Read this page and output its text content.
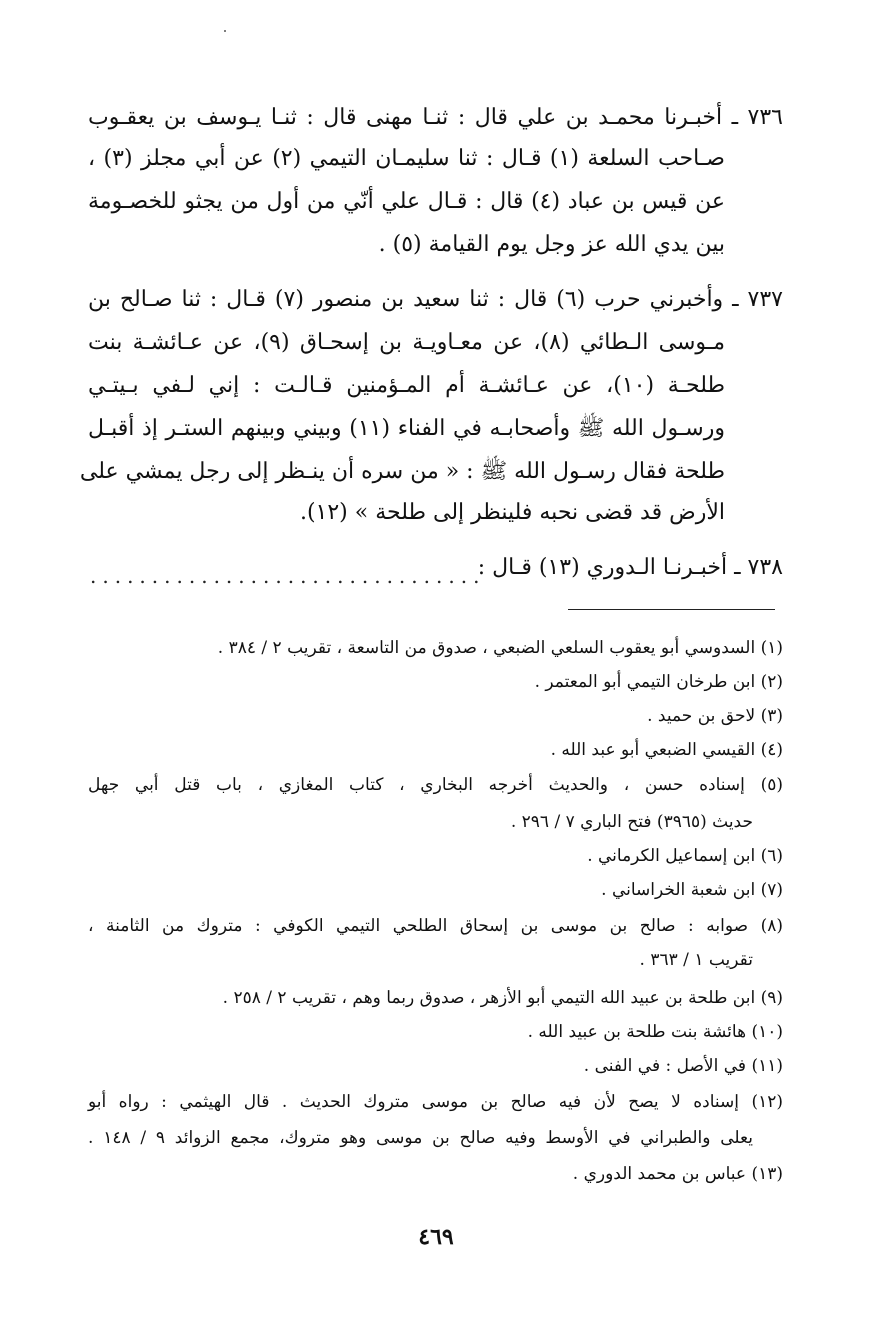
٧٣٦ ـ أخبـرنا محمـد بن علي قال : ثنـا مهنى قال : ثنـا يـوسف بن يعقـوب
صـاحب السلعة (١) قـال : ثنا سليمـان التيمي (٢) عن أبي مجلز (٣) ،
عن قيس بن عباد (٤) قال : قـال علي أنّي من أول من يجثو للخصـومة
بين يدي الله عز وجل يوم القيامة (٥) .
٧٣٧ ـ وأخبرني حرب (٦) قال : ثنا سعيد بن منصور (٧) قـال : ثنا صـالح بن
مـوسى الـطائي (٨)، عن معـاويـة بن إسحـاق (٩)، عن عـائشـة بنت
طلحـة (١٠)، عن عـائشـة أم المـؤمنين قـالـت : إني لـفي بـيتـي
ورسـول الله ﷺ وأصحابـه في الفناء (١١) وبيني وبينهم الستـر إذ أقبـل
طلحة فقال رسـول الله ﷺ : « من سره أن ينـظر إلى رجل يمشي على
الأرض قد قضى نحبه فلينظر إلى طلحة » (١٢).
٧٣٨ ـ أخبـرنـا الـدوري (١٣) قـال :
................................
(١) السدوسي أبو يعقوب السلعي الضبعي ، صدوق من التاسعة ، تقريب ٢ / ٣٨٤ .
(٢) ابن طرخان التيمي أبو المعتمر .
(٣) لاحق بن حميد .
(٤) القيسي الضبعي أبو عبد الله .
(٥) إسناده حسن ، والحديث أخرجه البخاري ، كتاب المغازي ، باب قتل أبي جهل
حديث (٣٩٦٥) فتح الباري ٧ / ٢٩٦ .
(٦) ابن إسماعيل الكرماني .
(٧) ابن شعبة الخراساني .
(٨) صوابه : صالح بن موسى بن إسحاق الطلحي التيمي الكوفي : متروك من الثامنة ،
تقريب ١ / ٣٦٣ .
(٩) ابن طلحة بن عبيد الله التيمي أبو الأزهر ، صدوق ربما وهم ، تقريب ٢ / ٢٥٨ .
(١٠) هائشة بنت طلحة بن عبيد الله .
(١١) في الأصل : في الفنى .
(١٢) إسناده لا يصح لأن فيه صالح بن موسى متروك الحديث . قال الهيثمي : رواه أبو
يعلى والطبراني في الأوسط وفيه صالح بن موسى وهو متروك، مجمع الزوائد ٩ / ١٤٨ .
(١٣) عباس بن محمد الدوري .
٤٦٩
